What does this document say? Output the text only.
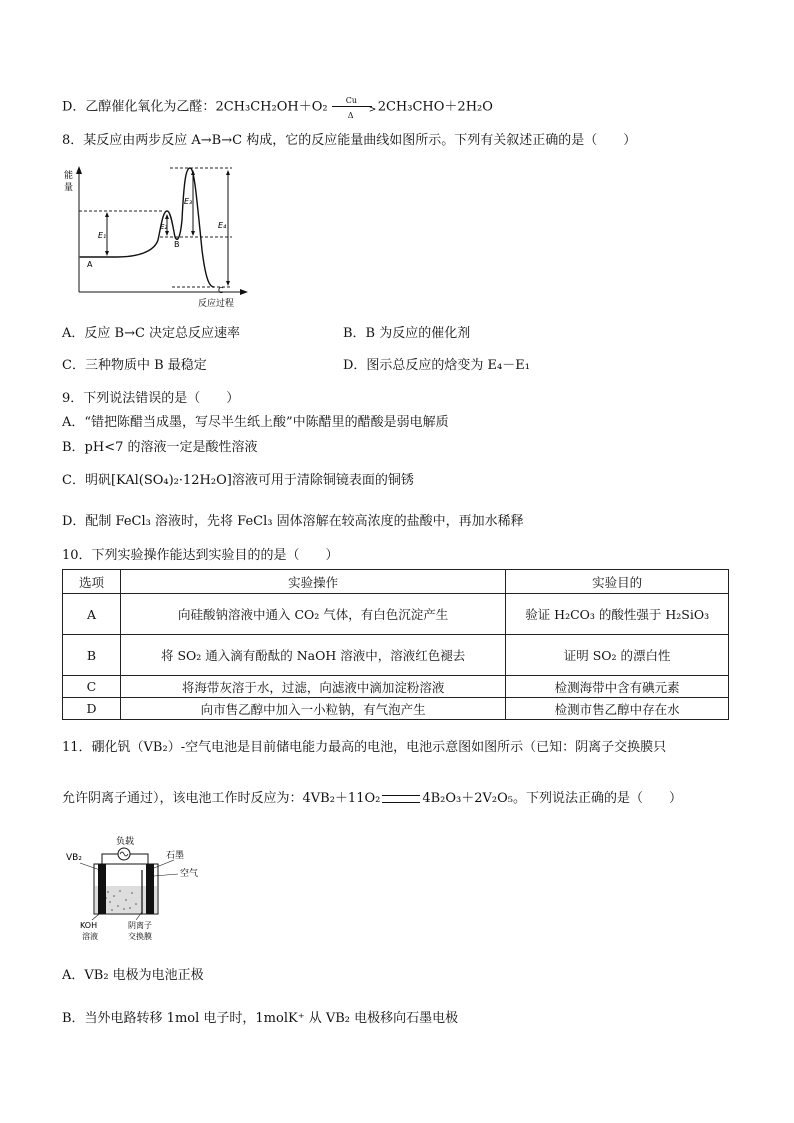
D．乙醇催化氧化为乙醛：2CH₃CH₂OH＋O₂ Cu
>
Δ
2CH₃CHO＋2H₂O
8．某反应由两步反应 A→B→C 构成，它的反应能量曲线如图所示。下列有关叙述正确的是（　　）
能
量
反应过程
E₁
E₂
E₃
E₄
A
B
C
A．反应 B→C 决定总反应速率	B．B 为反应的催化剂
C．三种物质中 B 最稳定	D．图示总反应的焓变为 E₄－E₁
9．下列说法错误的是（　　）
A．“错把陈醋当成墨，写尽半生纸上酸”中陈醋里的醋酸是弱电解质
B．pH<7 的溶液一定是酸性溶液
C．明矾[KAl(SO₄)₂·12H₂O]溶液可用于清除铜镜表面的铜锈
D．配制 FeCl₃ 溶液时，先将 FeCl₃ 固体溶解在较高浓度的盐酸中，再加水稀释
10．下列实验操作能达到实验目的的是（　　）
选项	实验操作	实验目的
A	向硅酸钠溶液中通入 CO₂ 气体，有白色沉淀产生	验证 H₂CO₃ 的酸性强于 H₂SiO₃
B	将 SO₂ 通入滴有酚酞的 NaOH 溶液中，溶液红色褪去	证明 SO₂ 的漂白性
C	将海带灰溶于水，过滤，向滤液中滴加淀粉溶液	检测海带中含有碘元素
D	向市售乙醇中加入一小粒钠，有气泡产生	检测市售乙醇中存在水
11．硼化钒（VB₂）-空气电池是目前储电能力最高的电池，电池示意图如图所示（已知：阴离子交换膜只
允许阴离子通过），该电池工作时反应为：4VB₂＋11O₂	4B₂O₃＋2V₂O₅。下列说法正确的是（　　）
负载
VB₂	石墨
空气
KOH
溶液
阴离子
交换膜
A．VB₂ 电极为电池正极
B．当外电路转移 1mol 电子时，1molK⁺ 从 VB₂ 电极移向石墨电极
